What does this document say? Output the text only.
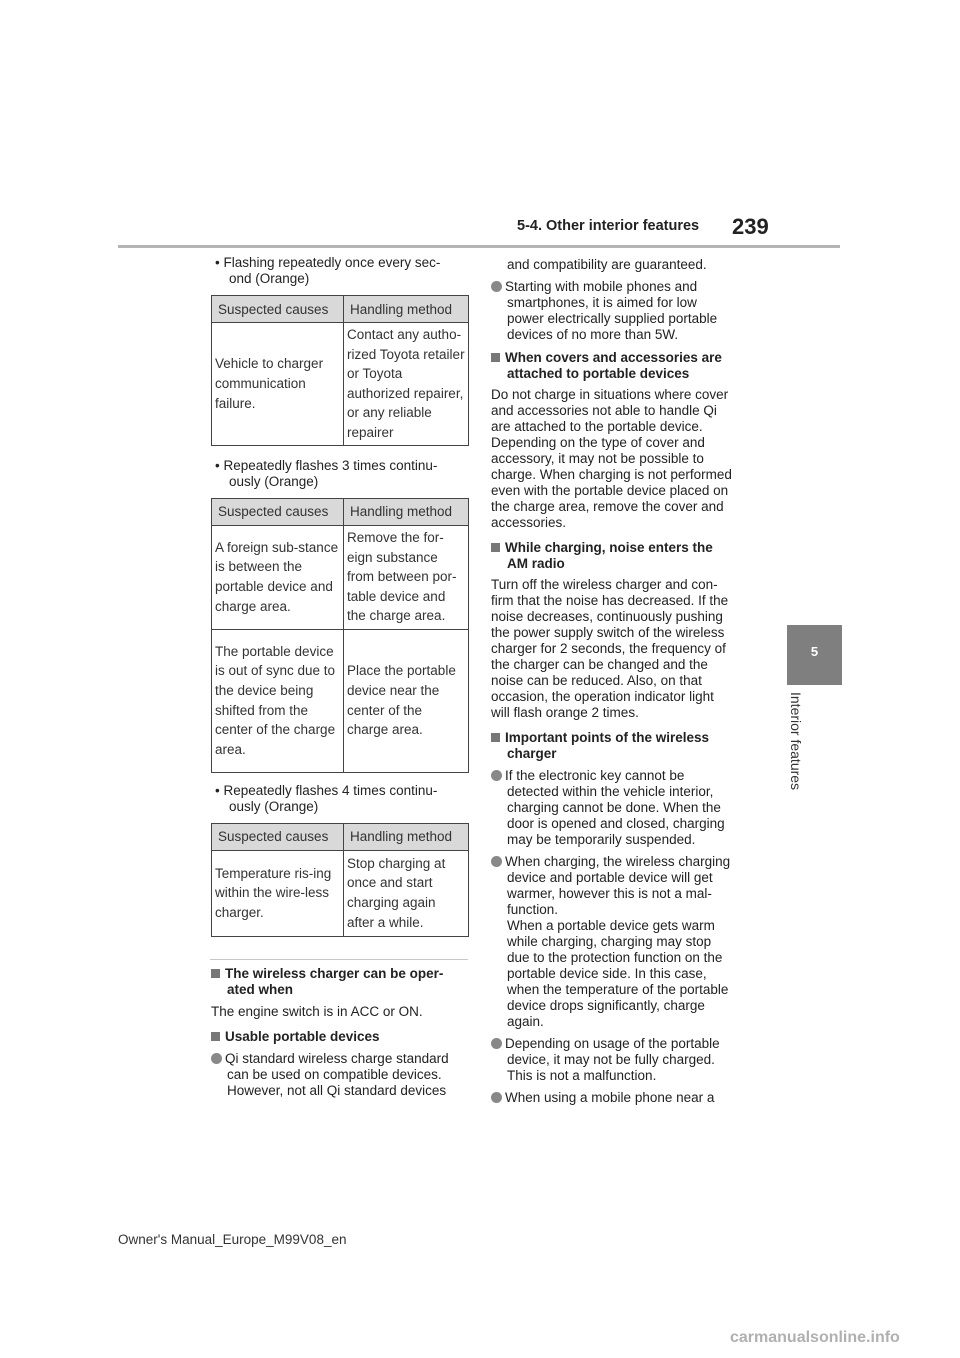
5-4. Other interior features 239
5
Interior features

• Flashing repeatedly once every sec-
ond (Orange)

Suspected causes	Handling method
Vehicle to charger communication failure.	Contact any autho-rized Toyota retailer or Toyota authorized repairer, or any reliable repairer

• Repeatedly flashes 3 times continu-
ously (Orange)

Suspected causes	Handling method
A foreign sub-stance is between the portable device and charge area.	Remove the for-eign substance from between por-table device and the charge area.
The portable device is out of sync due to the device being shifted from the center of the charge area.	Place the portable device near the center of the charge area.

• Repeatedly flashes 4 times continu-
ously (Orange)

Suspected causes	Handling method
Temperature ris-ing within the wire-less charger.	Stop charging at once and start charging again after a while.

The wireless charger can be oper-
ated when

The engine switch is in ACC or ON.

Usable portable devices

Qi standard wireless charge standard
can be used on compatible devices.
However, not all Qi standard devices

and compatibility are guaranteed.

Starting with mobile phones and
smartphones, it is aimed for low
power electrically supplied portable
devices of no more than 5W.

When covers and accessories are
attached to portable devices

Do not charge in situations where cover
and accessories not able to handle Qi
are attached to the portable device.
Depending on the type of cover and
accessory, it may not be possible to
charge. When charging is not performed
even with the portable device placed on
the charge area, remove the cover and
accessories.

While charging, noise enters the
AM radio

Turn off the wireless charger and con-
firm that the noise has decreased. If the
noise decreases, continuously pushing
the power supply switch of the wireless
charger for 2 seconds, the frequency of
the charger can be changed and the
noise can be reduced. Also, on that
occasion, the operation indicator light
will flash orange 2 times.

Important points of the wireless
charger

If the electronic key cannot be
detected within the vehicle interior,
charging cannot be done. When the
door is opened and closed, charging
may be temporarily suspended.

When charging, the wireless charging
device and portable device will get
warmer, however this is not a mal-
function.
When a portable device gets warm
while charging, charging may stop
due to the protection function on the
portable device side. In this case,
when the temperature of the portable
device drops significantly, charge
again.

Depending on usage of the portable
device, it may not be fully charged.
This is not a malfunction.

When using a mobile phone near a

Owner's Manual_Europe_M99V08_en
carmanualsonline.info
